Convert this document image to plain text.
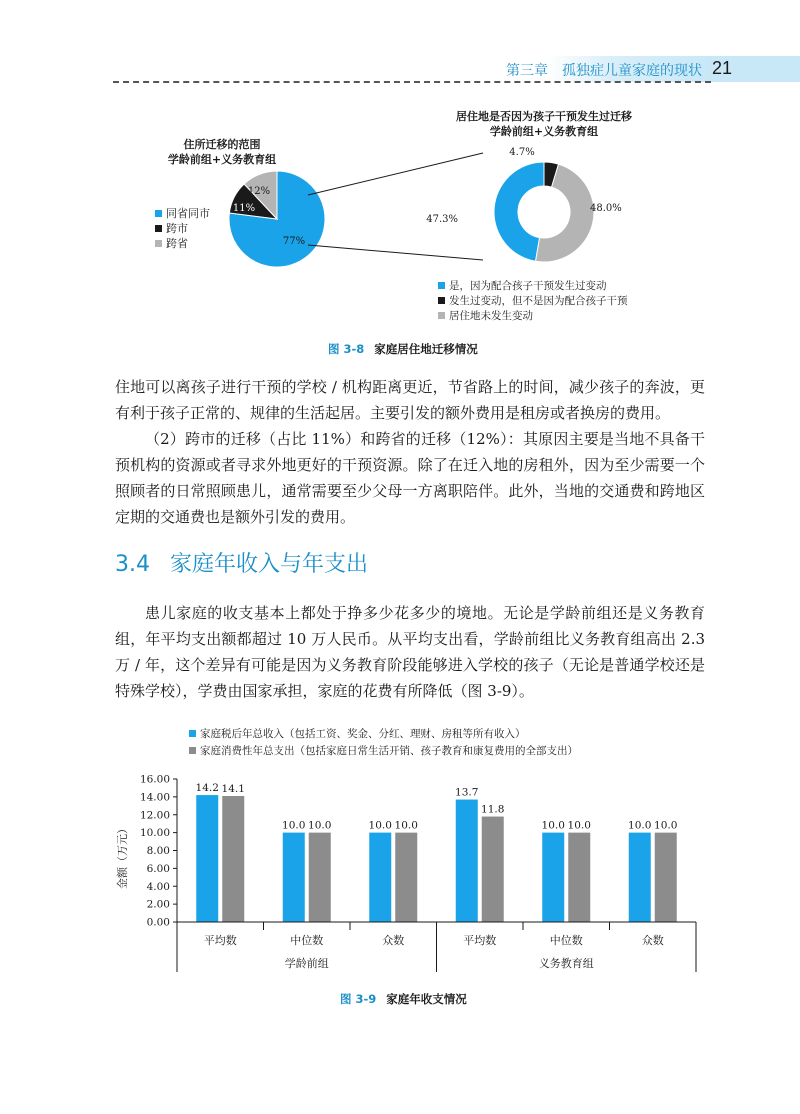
第三章　孤独症儿童家庭的现状 21
住所迁移的范围
学龄前组+义务教育组
77%
11%
12%
同省同市
跨市
跨省
居住地是否因为孩子干预发生过迁移
学龄前组+义务教育组
47.3%
4.7%
48.0%
是，因为配合孩子干预发生过变动
发生过变动，但不是因为配合孩子干预
居住地未发生变动
图 3-8 家庭居住地迁移情况

住地可以离孩子进行干预的学校 / 机构距离更近，节省路上的时间，减少孩子的奔波，更有利于孩子正常的、规律的生活起居。主要引发的额外费用是租房或者换房的费用。

（2）跨市的迁移（占比 11%）和跨省的迁移（12%）：其原因主要是当地不具备干预机构的资源或者寻求外地更好的干预资源。除了在迁入地的房租外，因为至少需要一个照顾者的日常照顾患儿，通常需要至少父母一方离职陪伴。此外，当地的交通费和跨地区定期的交通费也是额外引发的费用。

3.4 家庭年收入与年支出

患儿家庭的收支基本上都处于挣多少花多少的境地。无论是学龄前组还是义务教育组，年平均支出额都超过 10 万人民币。从平均支出看，学龄前组比义务教育组高出 2.3 万 / 年，这个差异有可能是因为义务教育阶段能够进入学校的孩子（无论是普通学校还是特殊学校），学费由国家承担，家庭的花费有所降低（图 3-9）。

家庭税后年总收入（包括工资、奖金、分红、理财、房租等所有收入）
家庭消费性年总支出（包括家庭日常生活开销、孩子教育和康复费用的全部支出）
金额（万元）
0.00
2.00
4.00
6.00
8.00
10.00
12.00
14.00
16.00
14.2 14.1
10.0 10.0	10.0 10.0
13.7
11.8
10.0 10.0	10.0 10.0
平均数	中位数	众数	平均数	中位数	众数
学龄前组	义务教育组
图 3-9 家庭年收支情况
